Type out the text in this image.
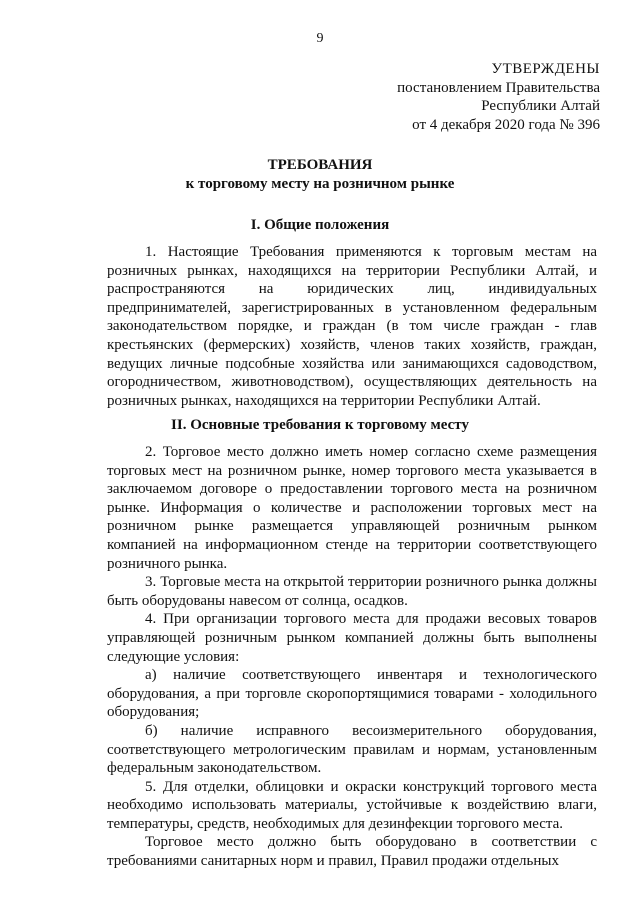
9
УТВЕРЖДЕНЫ
постановлением Правительства
Республики Алтай
от 4 декабря 2020 года № 396
ТРЕБОВАНИЯ
к торговому месту на розничном рынке
I. Общие положения

1. Настоящие Требования применяются к торговым местам на розничных рынках, находящихся на территории Республики Алтай, и распространяются на юридических лиц, индивидуальных предпринимателей, зарегистрированных в установленном федеральным законодательством порядке, и граждан (в том числе граждан - глав крестьянских (фермерских) хозяйств, членов таких хозяйств, граждан, ведущих личные подсобные хозяйства или занимающихся садоводством, огородничеством, животноводством), осуществляющих деятельность на розничных рынках, находящихся на территории Республики Алтай.

II. Основные требования к торговому месту

2. Торговое место должно иметь номер согласно схеме размещения торговых мест на розничном рынке, номер торгового места указывается в заключаемом договоре о предоставлении торгового места на розничном рынке. Информация о количестве и расположении торговых мест на розничном рынке размещается управляющей розничным рынком компанией на информационном стенде на территории соответствующего розничного рынка.

3. Торговые места на открытой территории розничного рынка должны быть оборудованы навесом от солнца, осадков.

4. При организации торгового места для продажи весовых товаров управляющей розничным рынком компанией должны быть выполнены следующие условия:

а) наличие соответствующего инвентаря и технологического оборудования, а при торговле скоропортящимися товарами - холодильного оборудования;

б) наличие исправного весоизмерительного оборудования, соответствующего метрологическим правилам и нормам, установленным федеральным законодательством.

5. Для отделки, облицовки и окраски конструкций торгового места необходимо использовать материалы, устойчивые к воздействию влаги, температуры, средств, необходимых для дезинфекции торгового места.

Торговое место должно быть оборудовано в соответствии с требованиями санитарных норм и правил, Правил продажи отдельных
